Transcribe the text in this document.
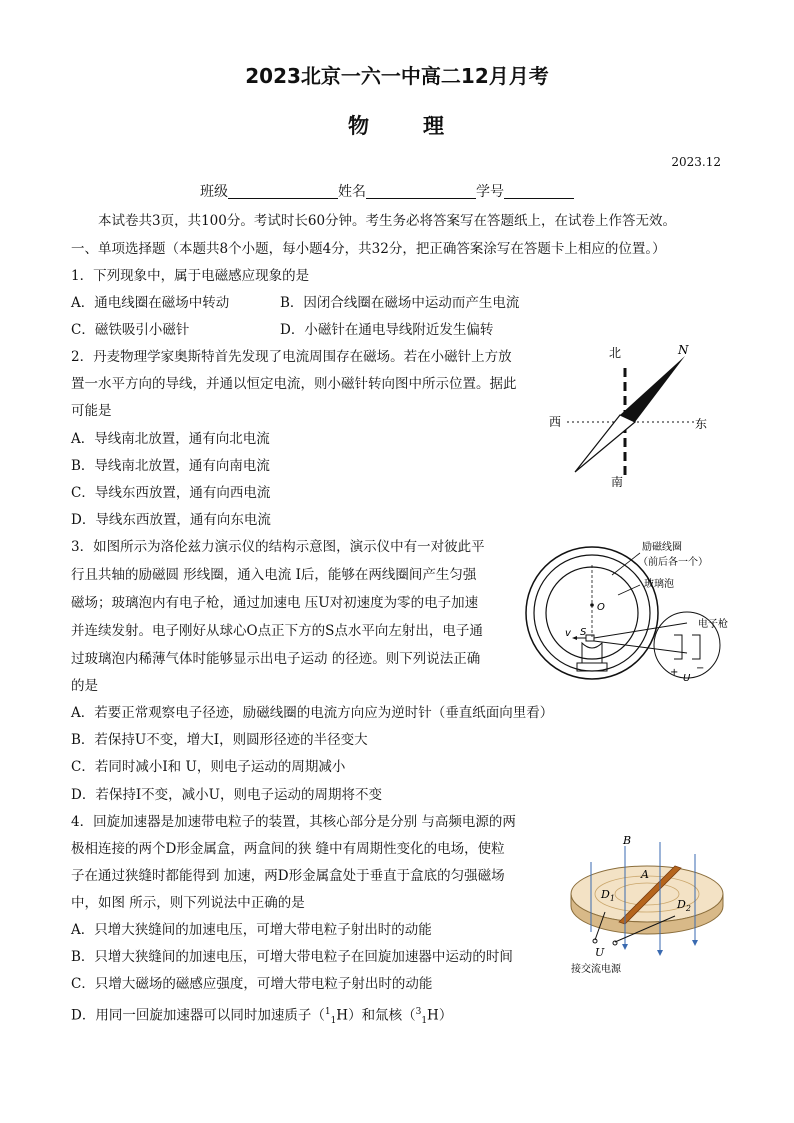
2023北京一六一中高二12月月考
物 理
2023.12
班级	姓名	学号
本试卷共3页，共100分。考试时长60分钟。考生务必将答案写在答题纸上，在试卷上作答无效。
一、单项选择题（本题共8个小题，每小题4分，共32分，把正确答案涂写在答题卡上相应的位置。）
1．下列现象中，属于电磁感应现象的是
A．通电线圈在磁场中转动	B．因闭合线圈在磁场中运动而产生电流
C．磁铁吸引小磁针	D．小磁针在通电导线附近发生偏转
2．丹麦物理学家奥斯特首先发现了电流周围存在磁场。若在小磁针上方放
置一水平方向的导线，并通以恒定电流，则小磁针转向图中所示位置。据此
可能是
A．导线南北放置，通有向北电流
B．导线南北放置，通有向南电流
C．导线东西放置，通有向西电流
D．导线东西放置，通有向东电流
北	N
西	东
南
3．如图所示为洛伦兹力演示仪的结构示意图，演示仪中有一对彼此平
行且共轴的励磁圆 形线圈，通入电流 I后，能够在两线圈间产生匀强
磁场；玻璃泡内有电子枪，通过加速电 压U对初速度为零的电子加速
并连续发射。电子刚好从球心O点正下方的S点水平向左射出，电子通
过玻璃泡内稀薄气体时能够显示出电子运动 的径迹。则下列说法正确
的是
A．若要正常观察电子径迹，励磁线圈的电流方向应为逆时针（垂直纸面向里看）
B．若保持U不变，增大I，则圆形径迹的半径变大
C．若同时减小I和 U，则电子运动的周期减小
D．若保持I不变，减小U，则电子运动的周期将不变
O
v S
+ −
U
励磁线圈
（前后各一个）
玻璃泡
电子枪
4．回旋加速器是加速带电粒子的装置，其核心部分是分别 与高频电源的两
极相连接的两个D形金属盒，两盒间的狭 缝中有周期性变化的电场，使粒
子在通过狭缝时都能得到 加速，两D形金属盒处于垂直于盒底的匀强磁场
中，如图 所示，则下列说法中正确的是
A．只增大狭缝间的加速电压，可增大带电粒子射出时的动能
B．只增大狭缝间的加速电压，可增大带电粒子在回旋加速器中运动的时间
C．只增大磁场的磁感应强度，可增大带电粒子射出时的动能
D．用同一回旋加速器可以同时加速质子（$^1_1$H）和氚核（$^3_1$H）
B
A
$D_1$	$D_2$
U
接交流电源
